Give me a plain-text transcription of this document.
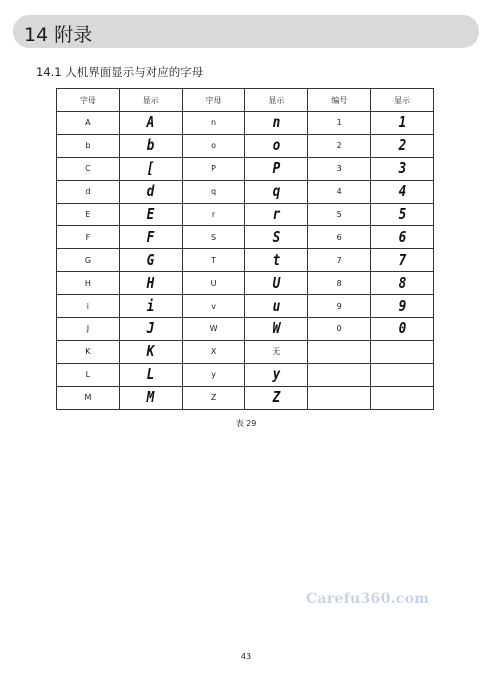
14 附录
14.1 人机界面显示与对应的字母
字母	显示	字母	显示	编号	显示
A	A	n	n	1	1
b	b	o	o	2	2
C	[	P	P	3	3
d	d	q	q	4	4
E	E	r	r	5	5
F	F	S	S	6	6
G	G	T	t	7	7
H	H	U	U	8	8
i	i	v	u	9	9
J	J	W	W	0	0
K	K	X	无		
L	L	y	y		
M	M	Z	Z		
表 29
Carefu360.com
43
